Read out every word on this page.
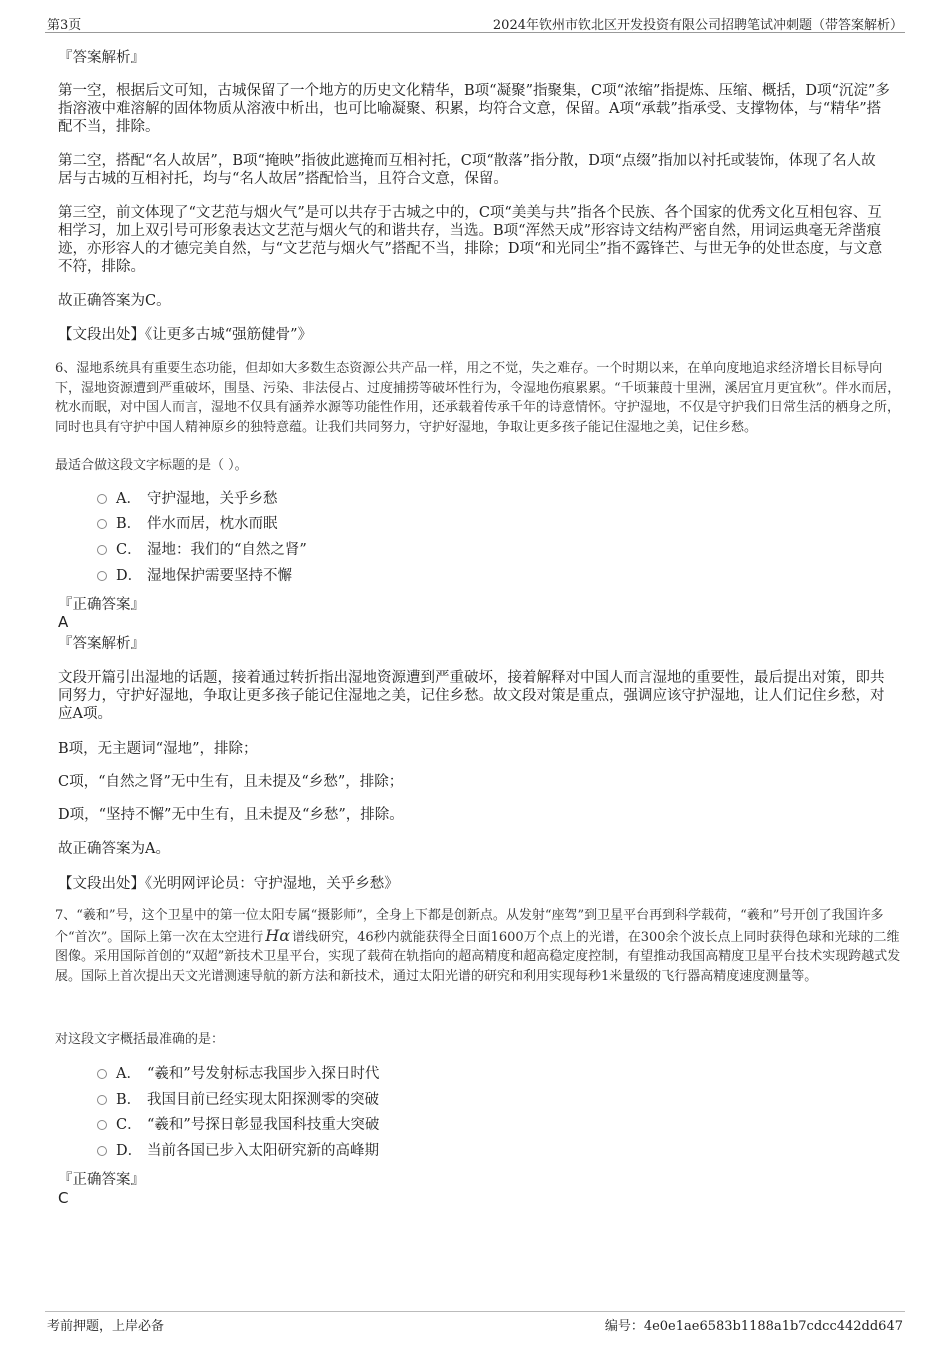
第3页	2024年钦州市钦北区开发投资有限公司招聘笔试冲刺题（带答案解析）
『答案解析』

第一空，根据后文可知，古城保留了一个地方的历史文化精华，B项“凝聚”指聚集，C项“浓缩”指提炼、压缩、概括，D项“沉淀”多指溶液中难溶解的固体物质从溶液中析出，也可比喻凝聚、积累，均符合文意，保留。A项“承载”指承受、支撑物体，与“精华”搭配不当，排除。

第二空，搭配“名人故居”，B项“掩映”指彼此遮掩而互相衬托，C项“散落”指分散，D项“点缀”指加以衬托或装饰，体现了名人故居与古城的互相衬托，均与“名人故居”搭配恰当，且符合文意，保留。

第三空，前文体现了“文艺范与烟火气”是可以共存于古城之中的，C项“美美与共”指各个民族、各个国家的优秀文化互相包容、互相学习，加上双引号可形象表达文艺范与烟火气的和谐共存，当选。B项“浑然天成”形容诗文结构严密自然，用词运典毫无斧凿痕迹，亦形容人的才德完美自然，与“文艺范与烟火气”搭配不当，排除；D项“和光同尘”指不露锋芒、与世无争的处世态度，与文意不符，排除。

故正确答案为C。
【文段出处】《让更多古城“强筋健骨”》

6、湿地系统具有重要生态功能，但却如大多数生态资源公共产品一样，用之不觉，失之难存。一个时期以来，在单向度地追求经济增长目标导向下，湿地资源遭到严重破坏，围垦、污染、非法侵占、过度捕捞等破坏性行为，令湿地伤痕累累。“千顷蒹葭十里洲，溪居宜月更宜秋”。伴水而居，枕水而眠，对中国人而言，湿地不仅具有涵养水源等功能性作用，还承载着传承千年的诗意情怀。守护湿地，不仅是守护我们日常生活的栖身之所，同时也具有守护中国人精神原乡的独特意蕴。让我们共同努力，守护好湿地，争取让更多孩子能记住湿地之美，记住乡愁。

最适合做这段文字标题的是（ ）。
A． 守护湿地，关乎乡愁
B． 伴水而居，枕水而眠
C． 湿地：我们的“自然之肾”
D． 湿地保护需要坚持不懈
『正确答案』
A
『答案解析』

文段开篇引出湿地的话题，接着通过转折指出湿地资源遭到严重破坏，接着解释对中国人而言湿地的重要性，最后提出对策，即共同努力，守护好湿地，争取让更多孩子能记住湿地之美，记住乡愁。故文段对策是重点，强调应该守护湿地，让人们记住乡愁，对应A项。

B项，无主题词“湿地”，排除；
C项，“自然之肾”无中生有，且未提及“乡愁”，排除；
D项，“坚持不懈”无中生有，且未提及“乡愁”，排除。
故正确答案为A。
【文段出处】《光明网评论员：守护湿地，关乎乡愁》

7、“羲和”号，这个卫星中的第一位太阳专属“摄影师”，全身上下都是创新点。从发射“座驾”到卫星平台再到科学载荷，“羲和”号开创了我国许多个“首次”。国际上第一次在太空进行 Hα 谱线研究，46秒内就能获得全日面1600万个点上的光谱，在300余个波长点上同时获得色球和光球的二维图像。采用国际首创的“双超”新技术卫星平台，实现了载荷在轨指向的超高精度和超高稳定度控制，有望推动我国高精度卫星平台技术实现跨越式发展。国际上首次提出天文光谱测速导航的新方法和新技术，通过太阳光谱的研究和利用实现每秒1米量级的飞行器高精度速度测量等。

对这段文字概括最准确的是：
A． “羲和”号发射标志我国步入探日时代
B． 我国目前已经实现太阳探测零的突破
C． “羲和”号探日彰显我国科技重大突破
D． 当前各国已步入太阳研究新的高峰期
『正确答案』
C
考前押题，上岸必备	编号：4e0e1ae6583b1188a1b7cdcc442dd647
